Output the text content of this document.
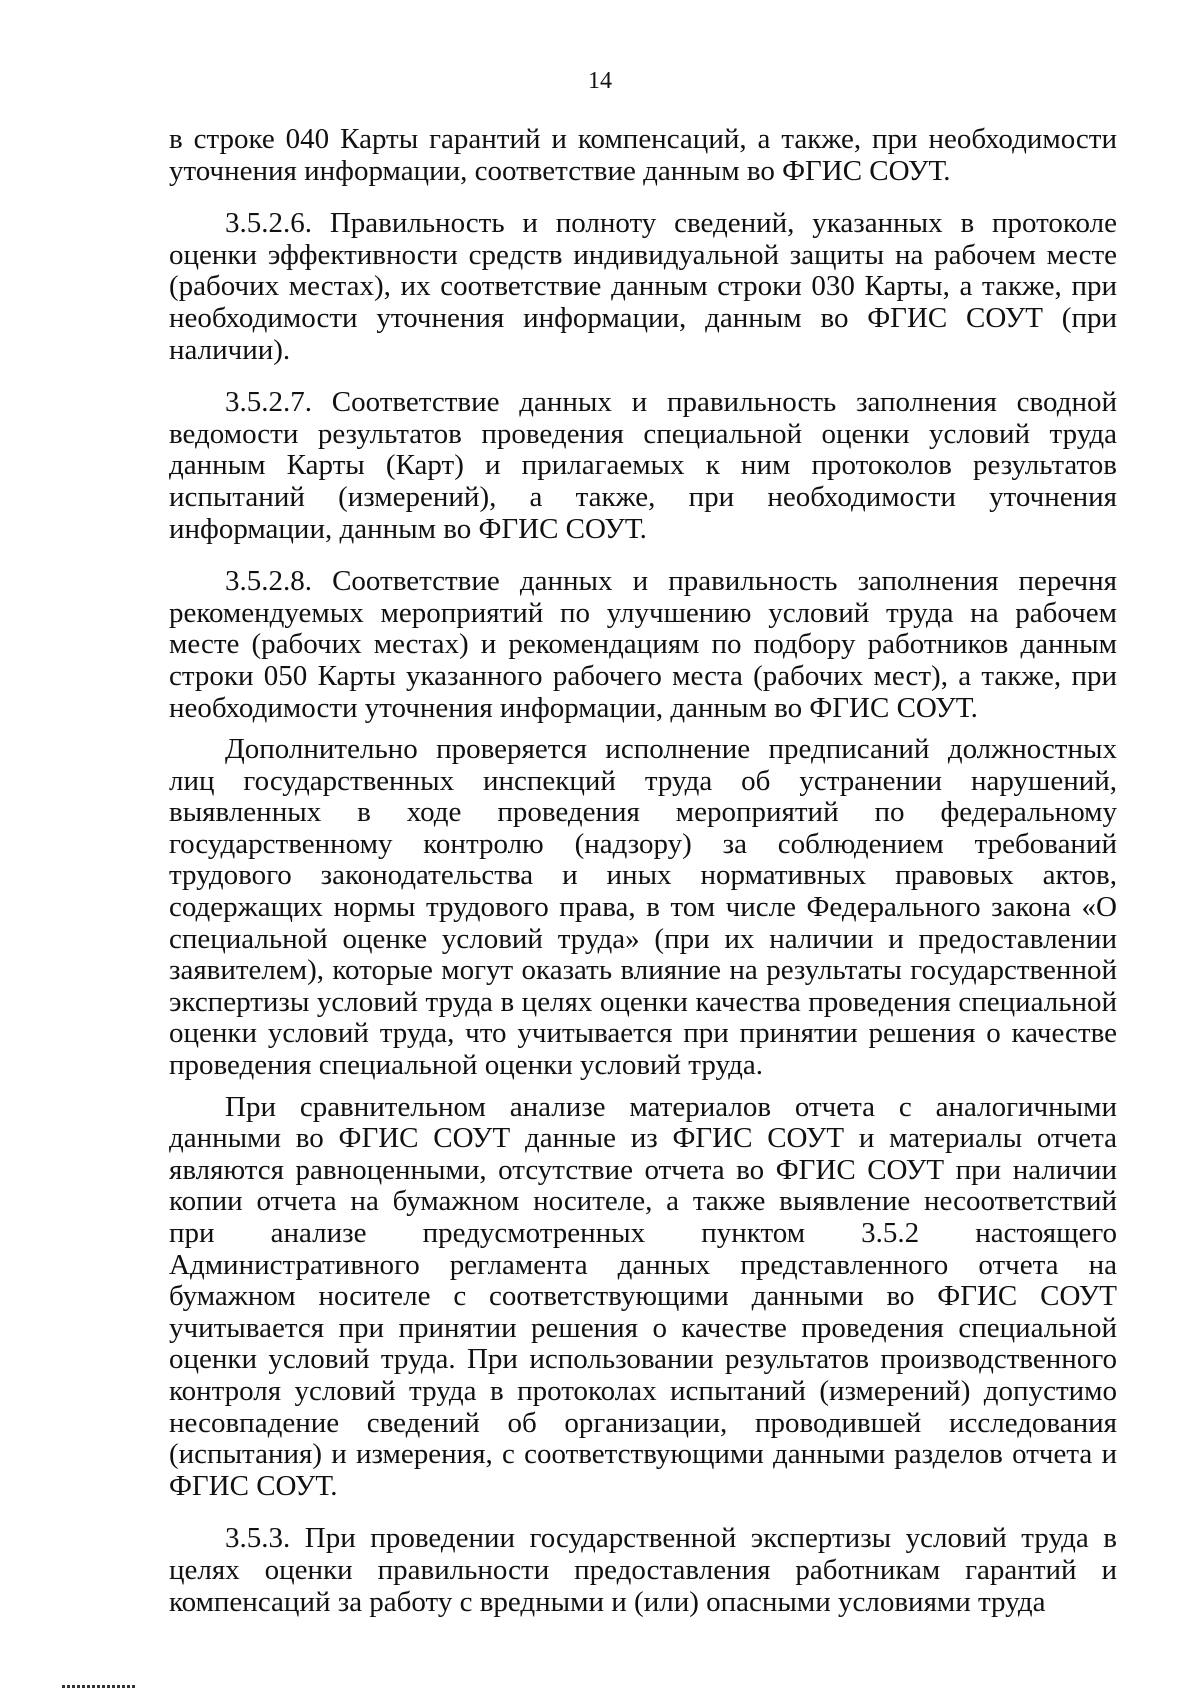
14

в строке 040 Карты гарантий и компенсаций, а также, при необходимости уточнения информации, соответствие данным во ФГИС СОУТ.

3.5.2.6. Правильность и полноту сведений, указанных в протоколе оценки эффективности средств индивидуальной защиты на рабочем месте (рабочих местах), их соответствие данным строки 030 Карты, а также, при необходимости уточнения информации, данным во ФГИС СОУТ (при наличии).

3.5.2.7. Соответствие данных и правильность заполнения сводной ведомости результатов проведения специальной оценки условий труда данным Карты (Карт) и прилагаемых к ним протоколов результатов испытаний (измерений), а также, при необходимости уточнения информации, данным во ФГИС СОУТ.

3.5.2.8. Соответствие данных и правильность заполнения перечня рекомендуемых мероприятий по улучшению условий труда на рабочем месте (рабочих местах) и рекомендациям по подбору работников данным строки 050 Карты указанного рабочего места (рабочих мест), а также, при необходимости уточнения информации, данным во ФГИС СОУТ.

Дополнительно проверяется исполнение предписаний должностных лиц государственных инспекций труда об устранении нарушений, выявленных в ходе проведения мероприятий по федеральному государственному контролю (надзору) за соблюдением требований трудового законодательства и иных нормативных правовых актов, содержащих нормы трудового права, в том числе Федерального закона «О специальной оценке условий труда» (при их наличии и предоставлении заявителем), которые могут оказать влияние на результаты государственной экспертизы условий труда в целях оценки качества проведения специальной оценки условий труда, что учитывается при принятии решения о качестве проведения специальной оценки условий труда.

При сравнительном анализе материалов отчета с аналогичными данными во ФГИС СОУТ данные из ФГИС СОУТ и материалы отчета являются равноценными, отсутствие отчета во ФГИС СОУТ при наличии копии отчета на бумажном носителе, а также выявление несоответствий при анализе предусмотренных пунктом 3.5.2 настоящего Административного регламента данных представленного отчета на бумажном носителе с соответствующими данными во ФГИС СОУТ учитывается при принятии решения о качестве проведения специальной оценки условий труда. При использовании результатов производственного контроля условий труда в протоколах испытаний (измерений) допустимо несовпадение сведений об организации, проводившей исследования (испытания) и измерения, с соответствующими данными разделов отчета и ФГИС СОУТ.

3.5.3. При проведении государственной экспертизы условий труда в целях оценки правильности предоставления работникам гарантий и компенсаций за работу с вредными и (или) опасными условиями труда
